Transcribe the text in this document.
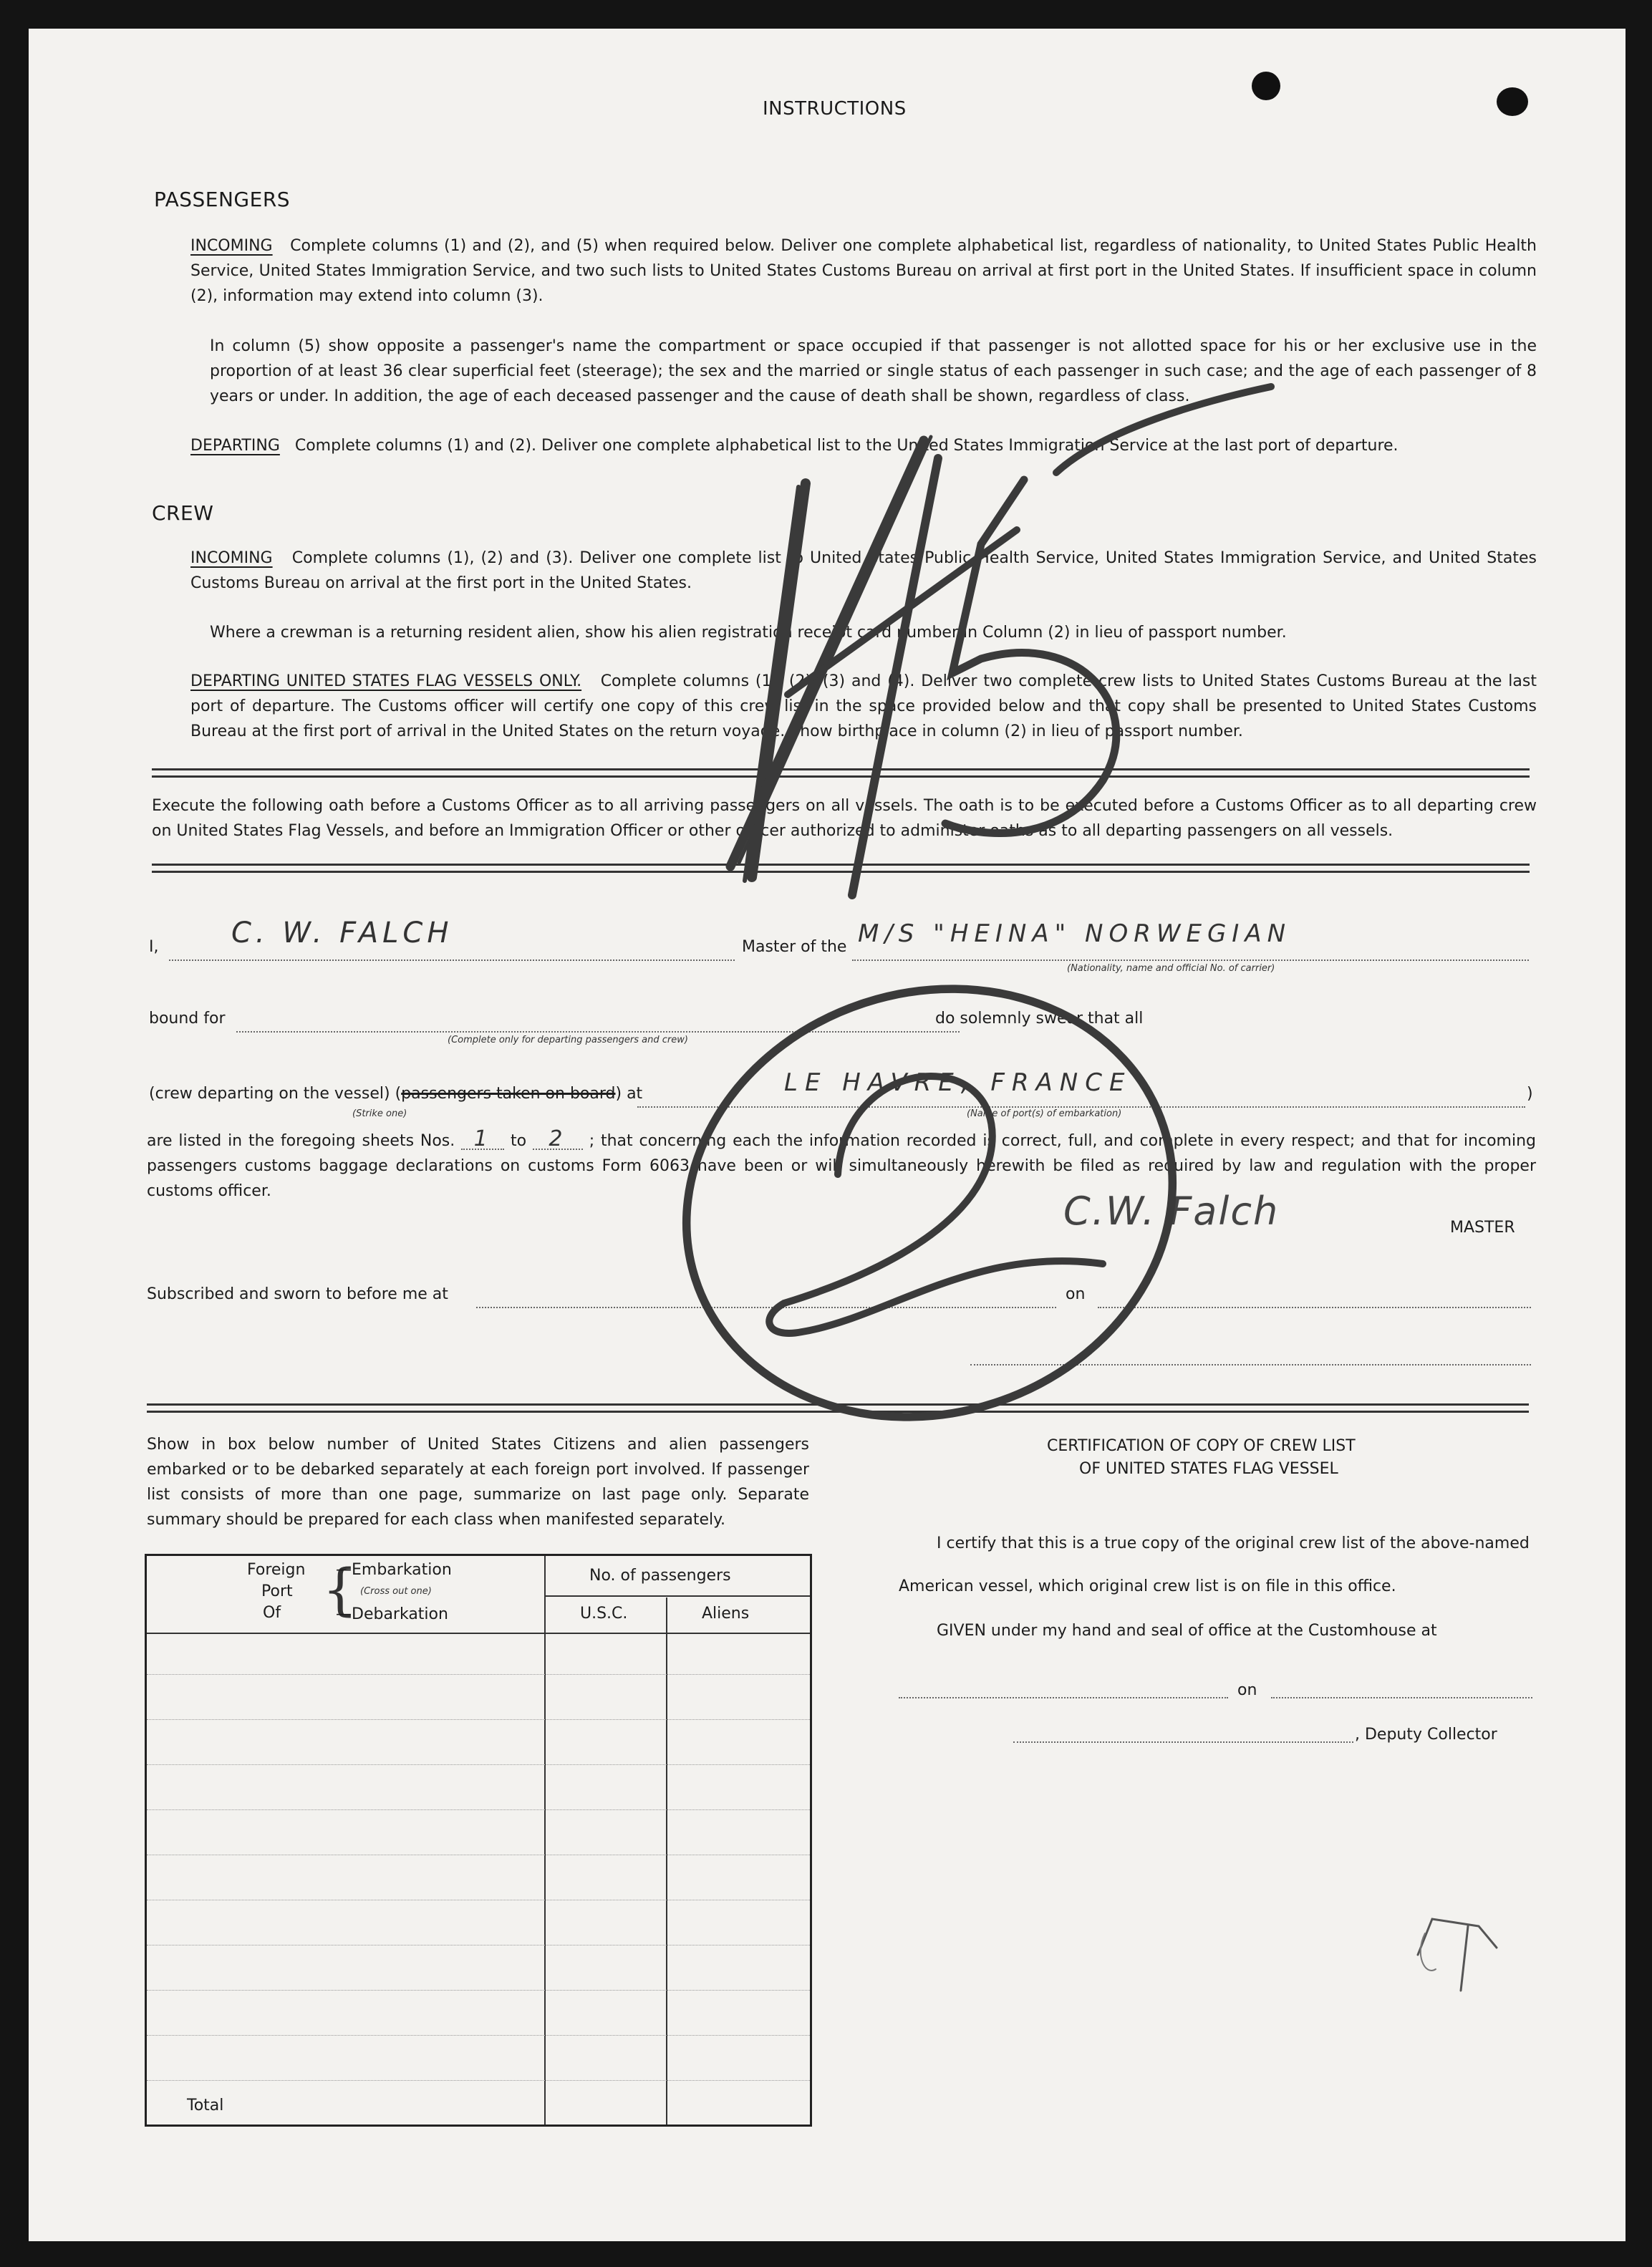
INSTRUCTIONS
PASSENGERS
INCOMING Complete columns (1) and (2), and (5) when required below. Deliver one complete alphabetical list, regardless of nationality, to United States Public Health Service, United States Immigration Service, and two such lists to United States Customs Bureau on arrival at first port in the United States. If insufficient space in column (2), information may extend into column (3).
In column (5) show opposite a passenger's name the compartment or space occupied if that passenger is not allotted space for his or her exclusive use in the proportion of at least 36 clear superficial feet (steerage); the sex and the married or single status of each passenger in such case; and the age of each passenger of 8 years or under. In addition, the age of each deceased passenger and the cause of death shall be shown, regardless of class.
DEPARTING Complete columns (1) and (2). Deliver one complete alphabetical list to the United States Immigration Service at the last port of departure.
CREW
INCOMING Complete columns (1), (2) and (3). Deliver one complete list to United States Public Health Service, United States Immigration Service, and United States Customs Bureau on arrival at the first port in the United States.
Where a crewman is a returning resident alien, show his alien registration receipt card number in Column (2) in lieu of passport number.
DEPARTING UNITED STATES FLAG VESSELS ONLY. Complete columns (1), (2), (3) and (4). Deliver two complete crew lists to United States Customs Bureau at the last port of departure. The Customs officer will certify one copy of this crew list in the space provided below and that copy shall be presented to United States Customs Bureau at the first port of arrival in the United States on the return voyage. Show birthplace in column (2) in lieu of passport number.
Execute the following oath before a Customs Officer as to all arriving passengers on all vessels. The oath is to be executed before a Customs Officer as to all departing crew on United States Flag Vessels, and before an Immigration Officer or other officer authorized to administer oaths as to all departing passengers on all vessels.
I,	C. W. FALCH	Master of the M/S "HEINA" NORWEGIAN
(Nationality, name and official No. of carrier)
bound for
(Complete only for departing passengers and crew)
do solemnly swear that all
(crew departing on the vessel) (passengers taken on board) at
(Strike one)
LE HAVRE, FRANCE
(Name of port(s) of embarkation)
)
are listed in the foregoing sheets Nos. 1 to 2 ; that concerning each the information recorded is correct, full, and complete in every respect; and that for incoming passengers customs baggage declarations on customs Form 6063 have been or will simultaneously herewith be filed as required by law and regulation with the proper customs officer.	C.W. Falch	MASTER
Subscribed and sworn to before me at	on
Show in box below number of United States Citizens and alien passengers embarked or to be debarked separately at each foreign port involved. If passenger list consists of more than one page, summarize on last page only. Separate summary should be prepared for each class when manifested separately.
Foreign
Port
Of {
—Embarkation
(Cross out one)
—Debarkation
No. of passengers
U.S.C.	Aliens
Total
CERTIFICATION OF COPY OF CREW LIST
OF UNITED STATES FLAG VESSEL
I certify that this is a true copy of the original crew list of the above-named
American vessel, which original crew list is on file in this office.
GIVEN under my hand and seal of office at the Customhouse at
on
, Deputy Collector
